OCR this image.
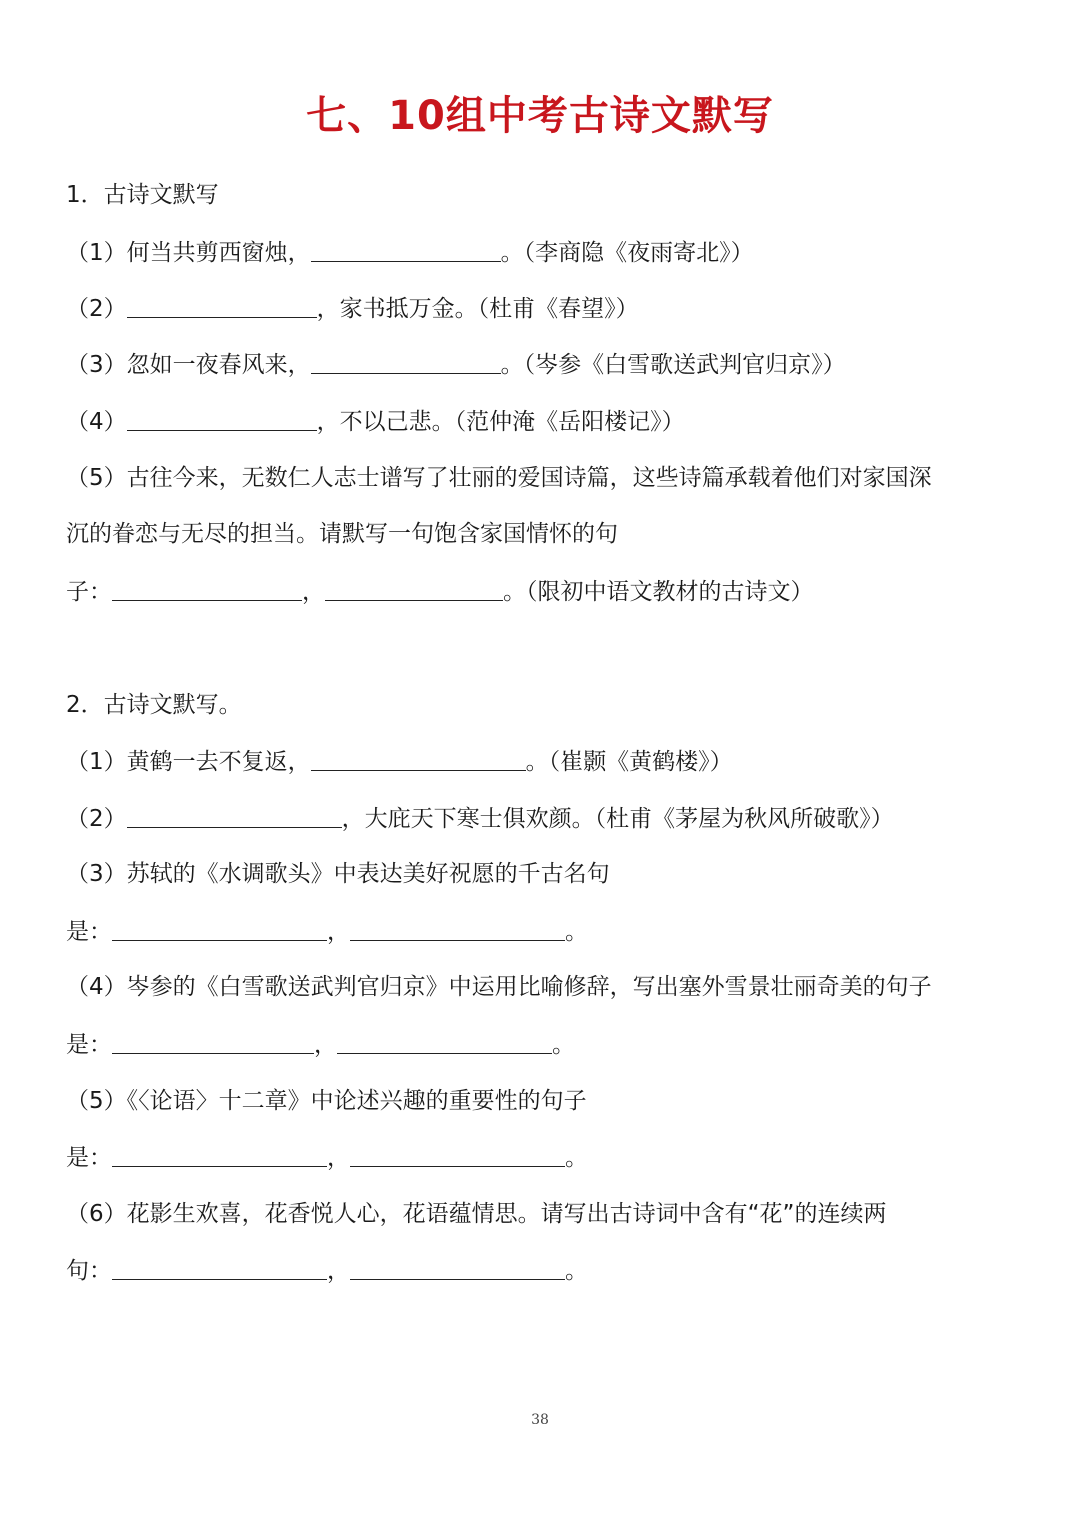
七、10组中考古诗文默写
1．古诗文默写
（1）何当共剪西窗烛，	。（李商隐《夜雨寄北》）
（2）	，家书抵万金。（杜甫《春望》）
（3）忽如一夜春风来，	。（岑参《白雪歌送武判官归京》）
（4）	，不以己悲。（范仲淹《岳阳楼记》）
（5）古往今来，无数仁人志士谱写了壮丽的爱国诗篇，这些诗篇承载着他们对家国深
沉的眷恋与无尽的担当。请默写一句饱含家国情怀的句
子：	，	。（限初中语文教材的古诗文）
2．古诗文默写。
（1）黄鹤一去不复返，	。（崔颢《黄鹤楼》）
（2）	，大庇天下寒士俱欢颜。（杜甫《茅屋为秋风所破歌》）
（3）苏轼的《水调歌头》中表达美好祝愿的千古名句
是：	，	。
（4）岑参的《白雪歌送武判官归京》中运用比喻修辞，写出塞外雪景壮丽奇美的句子
是：	，	。
（5）《〈论语〉十二章》中论述兴趣的重要性的句子
是：	，	。
（6）花影生欢喜，花香悦人心，花语蕴情思。请写出古诗词中含有“花”的连续两
句：	，	。
38
